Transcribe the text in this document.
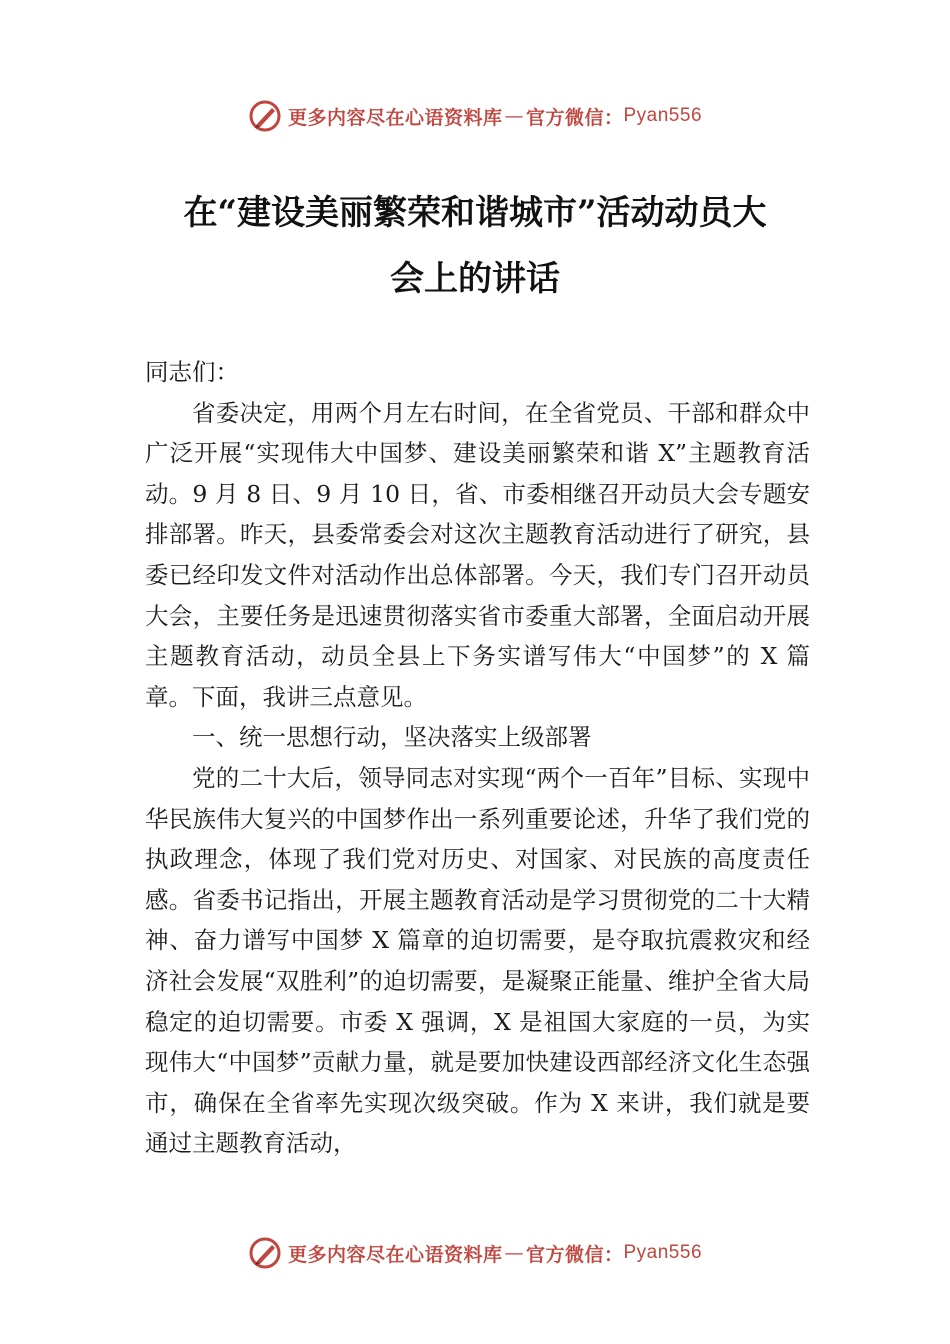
更多内容尽在心语资料库 — 官方微信： Pyan556
在“建设美丽繁荣和谐城市”活动动员大
会上的讲话

同志们：

省委决定，用两个月左右时间，在全省党员、干部和群众中广泛开展“实现伟大中国梦、建设美丽繁荣和谐 X”主题教育活动。9 月 8 日、9 月 10 日，省、市委相继召开动员大会专题安排部署。昨天，县委常委会对这次主题教育活动进行了研究，县委已经印发文件对活动作出总体部署。今天，我们专门召开动员大会，主要任务是迅速贯彻落实省市委重大部署，全面启动开展主题教育活动，动员全县上下务实谱写伟大“中国梦”的 X 篇章。下面，我讲三点意见。

一、统一思想行动，坚决落实上级部署

党的二十大后，领导同志对实现“两个一百年”目标、实现中华民族伟大复兴的中国梦作出一系列重要论述，升华了我们党的执政理念，体现了我们党对历史、对国家、对民族的高度责任感。省委书记指出，开展主题教育活动是学习贯彻党的二十大精神、奋力谱写中国梦 X 篇章的迫切需要，是夺取抗震救灾和经济社会发展“双胜利”的迫切需要，是凝聚正能量、维护全省大局稳定的迫切需要。市委 X 强调，X 是祖国大家庭的一员，为实现伟大“中国梦”贡献力量，就是要加快建设西部经济文化生态强市，确保在全省率先实现次级突破。作为 X 来讲，我们就是要通过主题教育活动，

更多内容尽在心语资料库 — 官方微信： Pyan556
